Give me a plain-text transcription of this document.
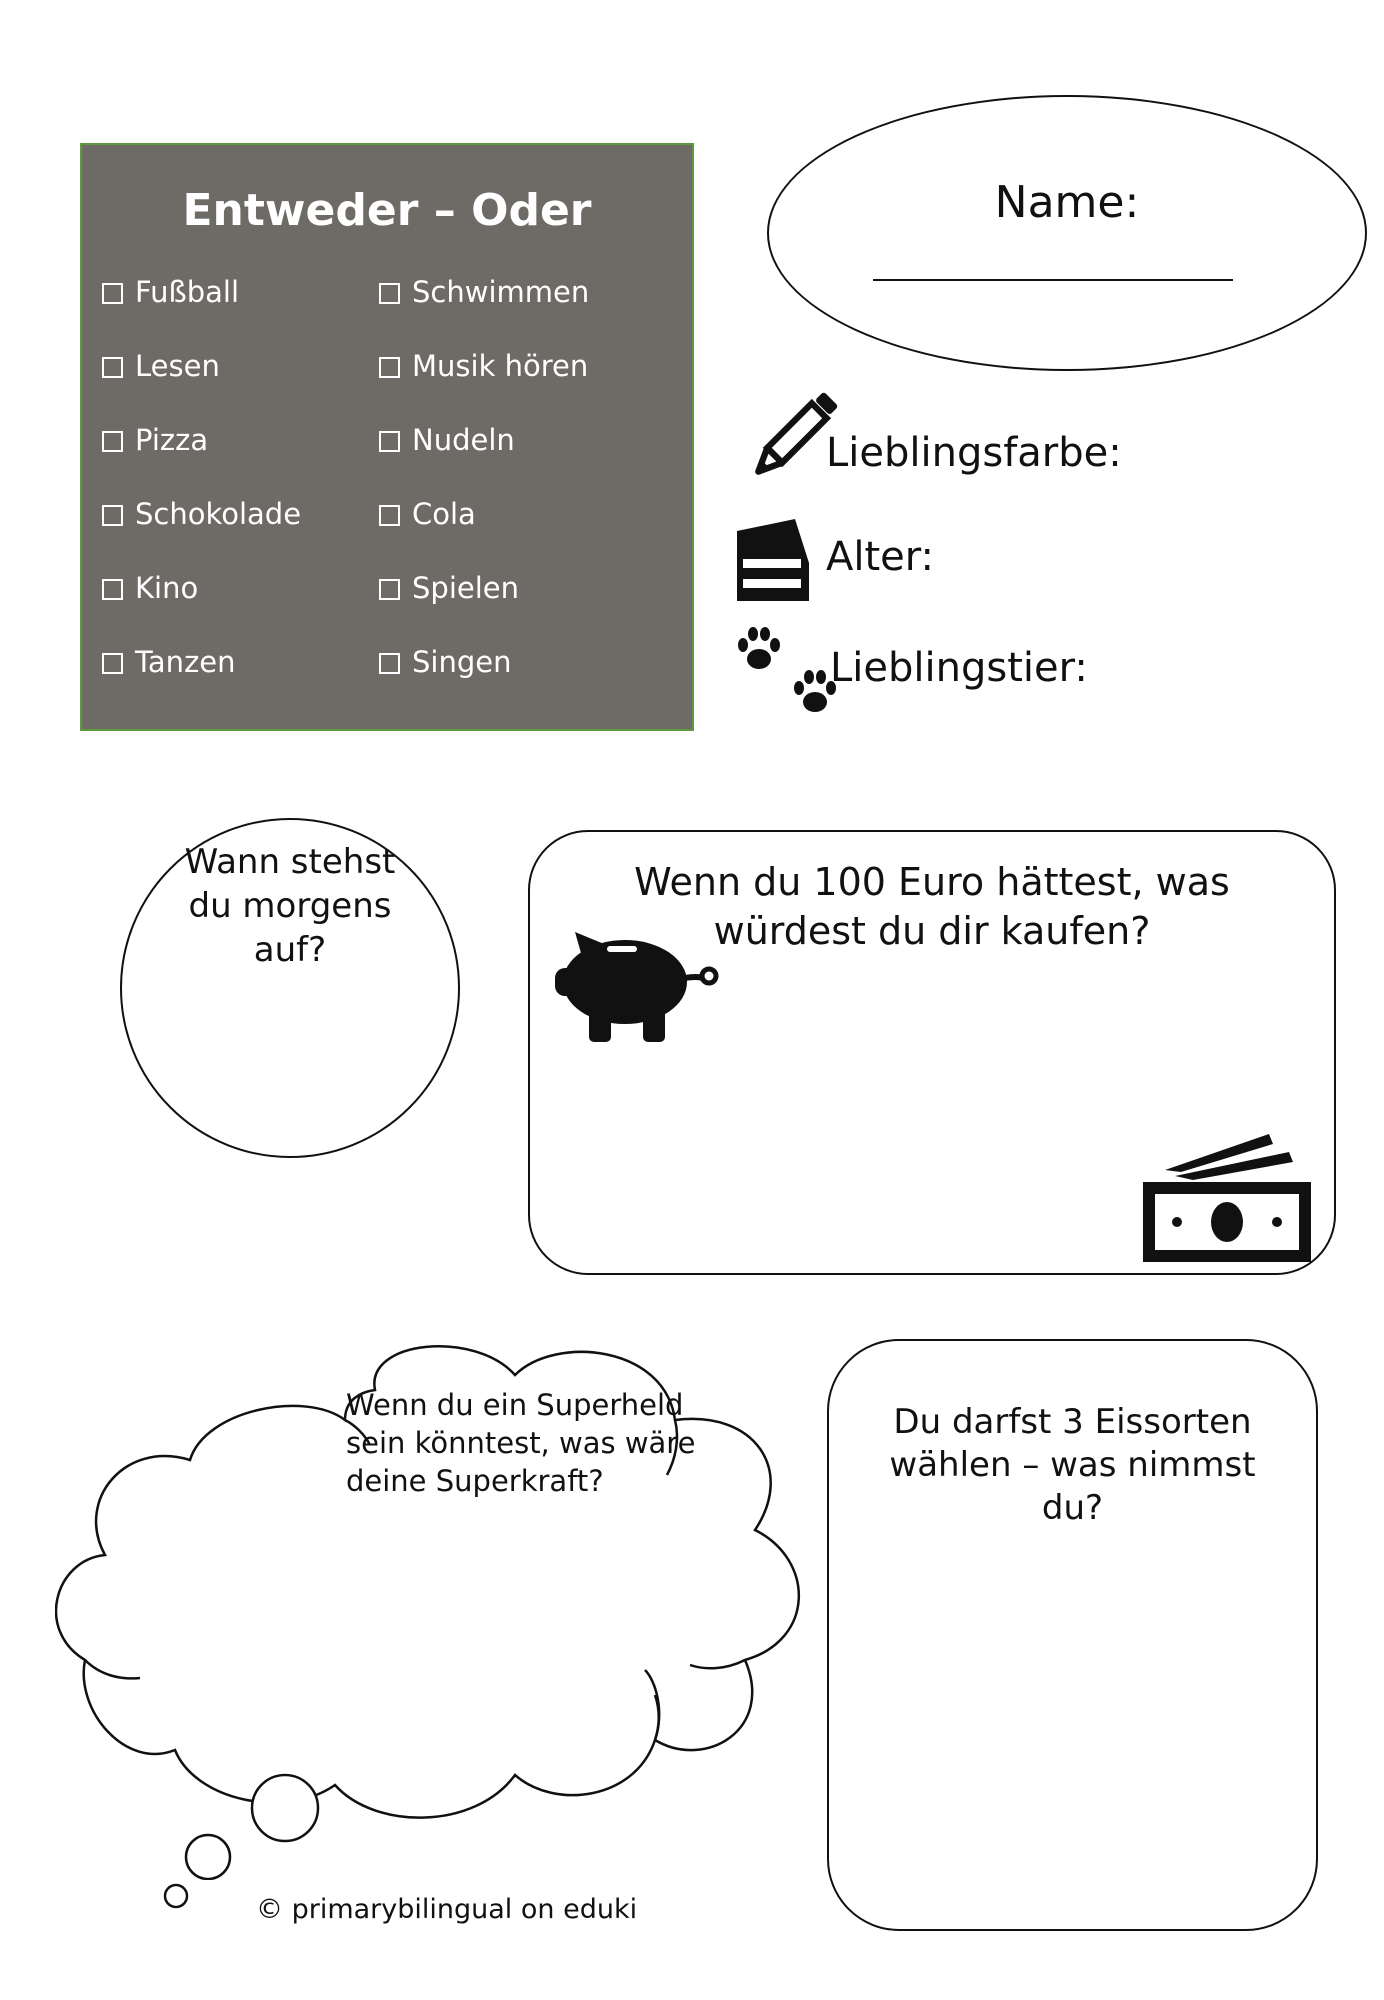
Entweder – Oder
Fußball
Lesen
Pizza
Schokolade
Kino
Tanzen
Schwimmen
Musik hören
Nudeln
Cola
Spielen
Singen
Name:
Lieblingsfarbe:
Alter:
Lieblingstier:
Wann stehst du morgens auf?
Wenn du 100 Euro hättest, was würdest du dir kaufen?
Wenn du ein Superheld sein könntest, was wäre deine Superkraft?
Du darfst 3 Eissorten wählen – was nimmst du?
© primarybilingual on eduki
